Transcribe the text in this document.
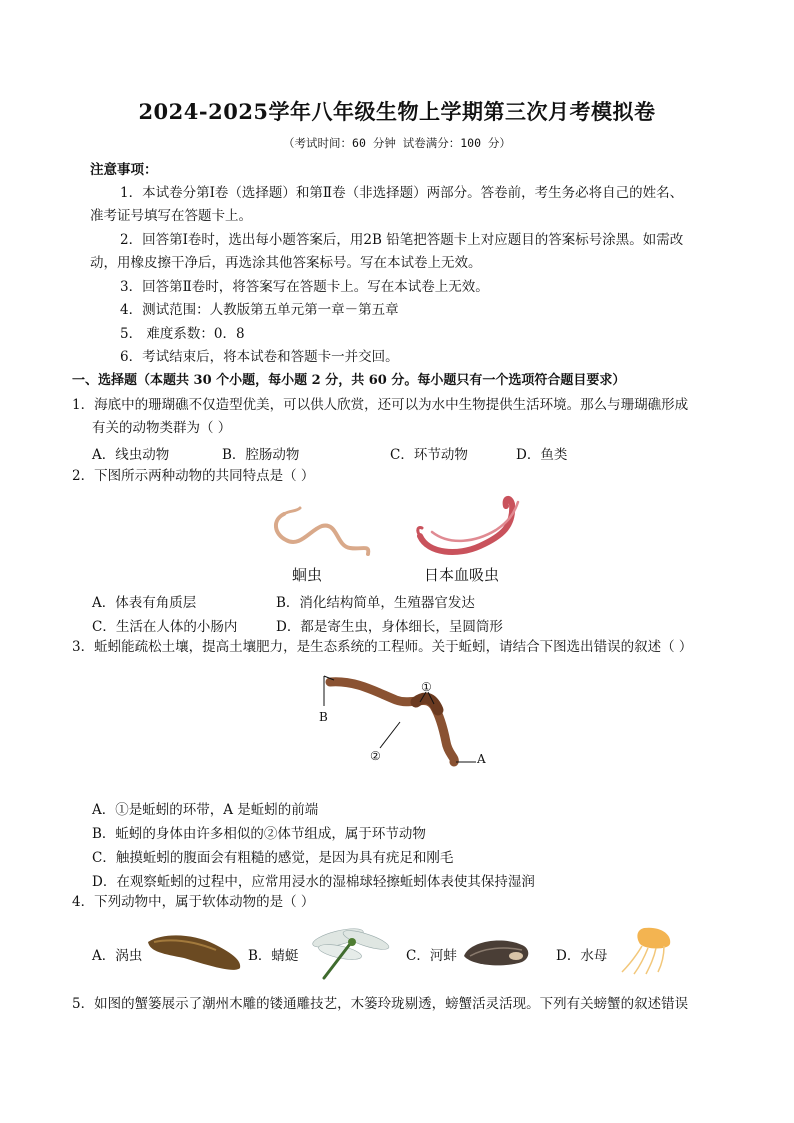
2024-2025学年八年级生物上学期第三次月考模拟卷
（考试时间：60 分钟 试卷满分：100 分）
注意事项：
1．本试卷分第Ⅰ卷（选择题）和第Ⅱ卷（非选择题）两部分。答卷前，考生务必将自己的姓名、
准考证号填写在答题卡上。
2．回答第Ⅰ卷时，选出每小题答案后，用2B 铅笔把答题卡上对应题目的答案标号涂黑。如需改
动，用橡皮擦干净后，再选涂其他答案标号。写在本试卷上无效。
3．回答第Ⅱ卷时，将答案写在答题卡上。写在本试卷上无效。
4．测试范围：人教版第五单元第一章－第五章
5． 难度系数：0．8
6．考试结束后，将本试卷和答题卡一并交回。
一、选择题（本题共 30 个小题，每小题 2 分，共 60 分。每小题只有一个选项符合题目要求）
1．海底中的珊瑚礁不仅造型优美，可以供人欣赏，还可以为水中生物提供生活环境。那么与珊瑚礁形成
有关的动物类群为（ ）
A．线虫动物	B．腔肠动物	C．环节动物	D．鱼类
2．下图所示两种动物的共同特点是（ ）
蛔虫	日本血吸虫
A．体表有角质层	B．消化结构简单，生殖器官发达
C．生活在人体的小肠内	D．都是寄生虫，身体细长，呈圆筒形
3．蚯蚓能疏松土壤，提高土壤肥力，是生态系统的工程师。关于蚯蚓，请结合下图选出错误的叙述（ ）
B
①
②	A
A．①是蚯蚓的环带，A 是蚯蚓的前端
B．蚯蚓的身体由许多相似的②体节组成，属于环节动物
C．触摸蚯蚓的腹面会有粗糙的感觉，是因为具有疣足和刚毛
D．在观察蚯蚓的过程中，应常用浸水的湿棉球轻擦蚯蚓体表使其保持湿润
4．下列动物中，属于软体动物的是（ ）
A．涡虫	B．蜻蜓	C．河蚌	D．水母
5．如图的蟹篓展示了潮州木雕的镂通雕技艺，木篓玲珑剔透，螃蟹活灵活现。下列有关螃蟹的叙述错误
